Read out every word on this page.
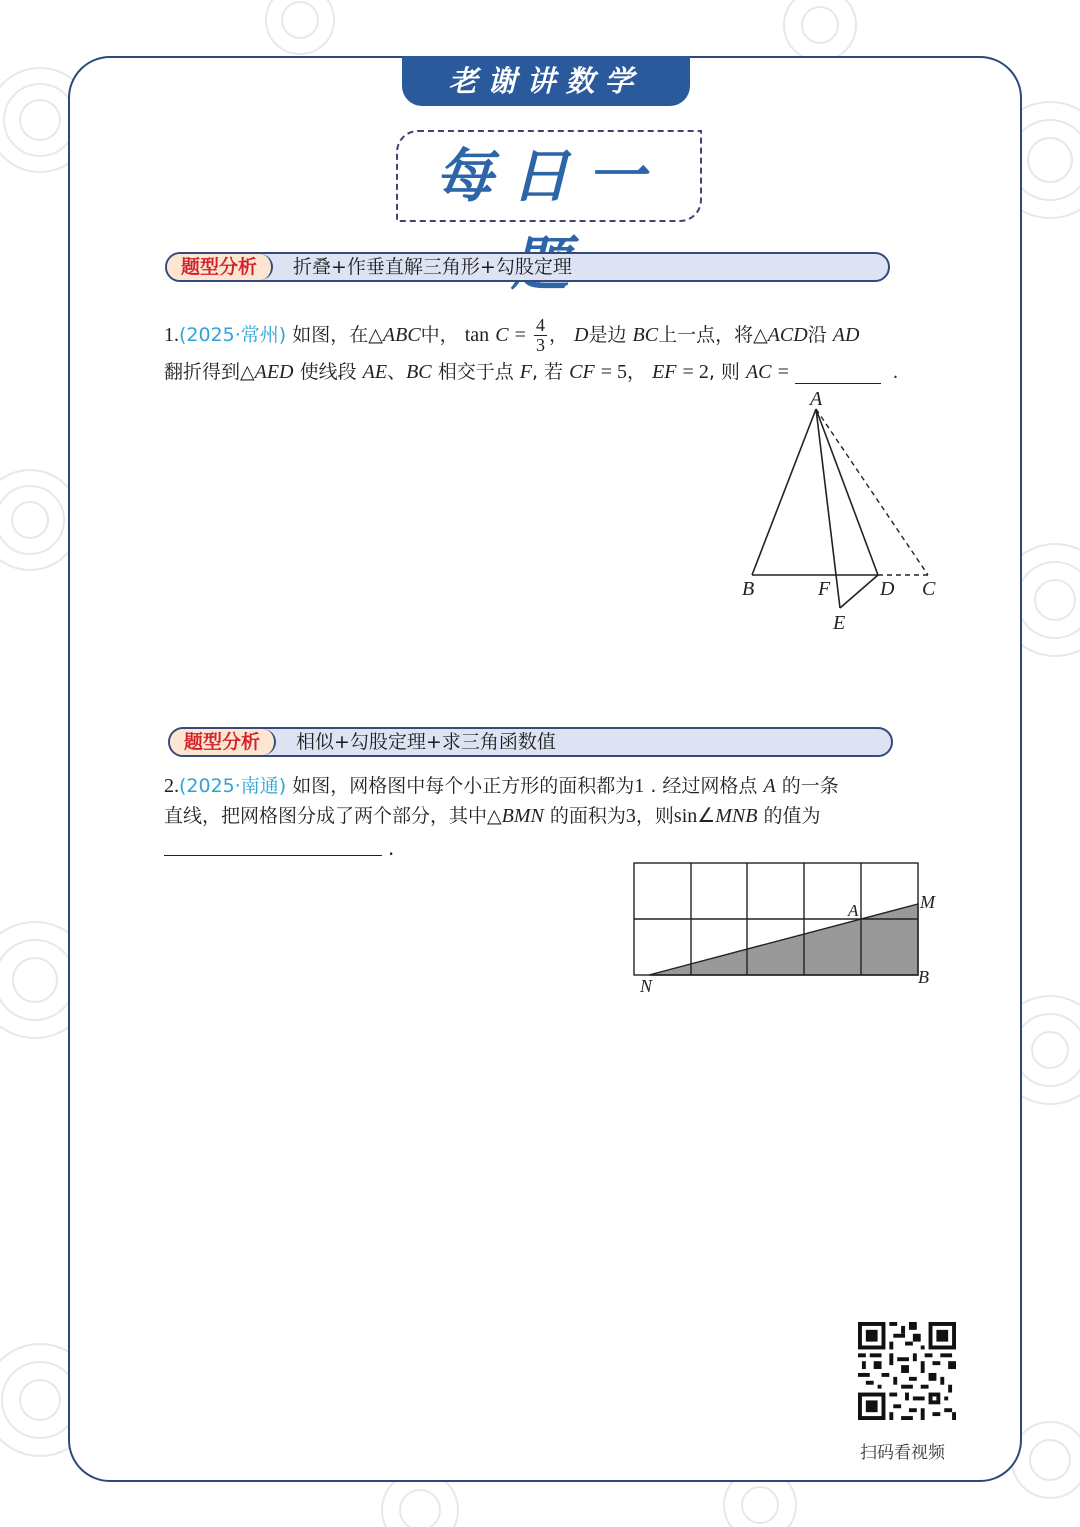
老谢讲数学
每日一
题型分析	折叠+作垂直解三角形+勾股定理
1.(2025·常州) 如图，在△ABC中， $\tan C = \frac{4}{3}$ ， D是边 BC上一点，将△ACD沿 AD
翻折得到△AED 使线段 AE、BC 相交于点 F, 若 CF = 5， EF = 2, 则 AC =	.
A
B	F D C
E
题型分析	相似+勾股定理+求三角函数值
2.(2025·南通) 如图，网格图中每个小正方形的面积都为1 . 经过网格点 A 的一条
直线，把网格图分成了两个部分，其中△BMN 的面积为3，则sin∠MNB 的值为
.
A	M
N	B
扫码看视频
